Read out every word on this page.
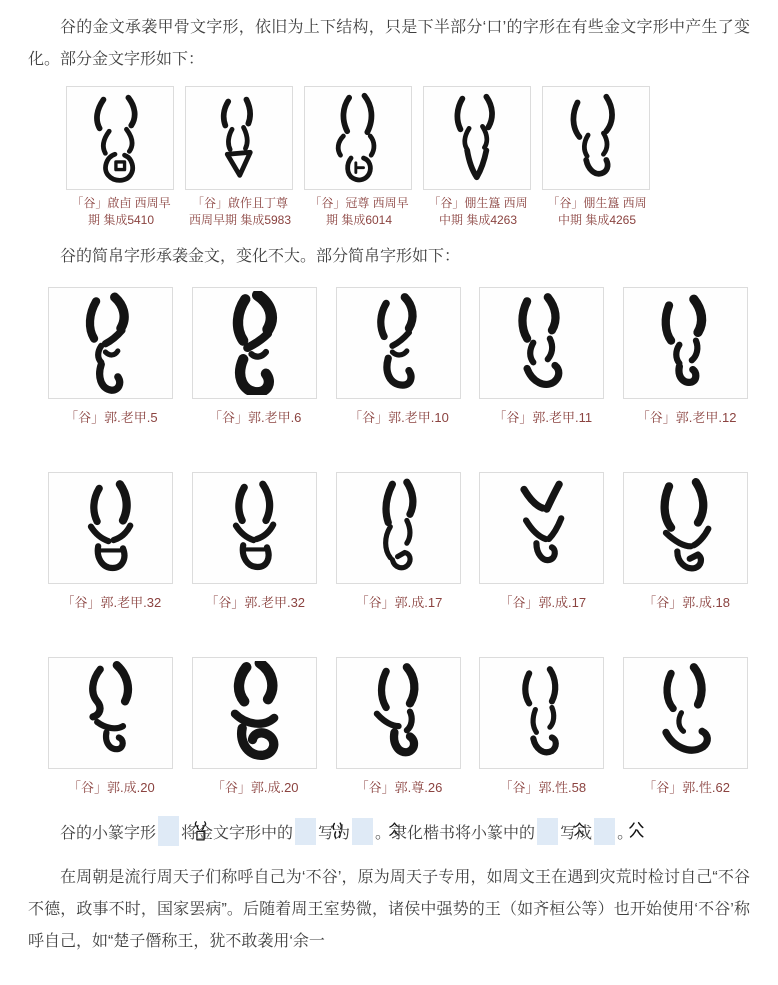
谷的金文承袭甲骨文字形，依旧为上下结构，只是下半部分‘口’的字形在有些金文字形中产生了变化。部分金文字形如下：

「谷」啟卣 西周早期 集成5410
「谷」啟作且丁尊 西周早期 集成5983
「谷」冠尊 西周早期 集成6014
「谷」倗生簋 西周中期 集成4263
「谷」倗生簋 西周中期 集成4265

谷的简帛字形承袭金文，变化不大。部分简帛字形如下：

「谷」郭.老甲.5	「谷」郭.老甲.6	「谷」郭.老甲.10	「谷」郭.老甲.11	「谷」郭.老甲.12
「谷」郭.老甲.32	「谷」郭.老甲.32	「谷」郭.成.17	「谷」郭.成.17	「谷」郭.成.18
「谷」郭.成.20	「谷」郭.成.20	「谷」郭.尊.26	「谷」郭.性.58	「谷」郭.性.62

谷的小篆字形 将金文字形中的 写为 。隶化楷书将小篆中的 写成 。

在周朝是流行周天子们称呼自己为‘不谷’，原为周天子专用，如周文王在遇到灾荒时检讨自己“不谷不德，政事不时，国家罢病”。后随着周王室势微，诸侯中强势的王（如齐桓公等）也开始使用‘不谷’称呼自己，如“楚子僭称王，犹不敢袭用‘余一
